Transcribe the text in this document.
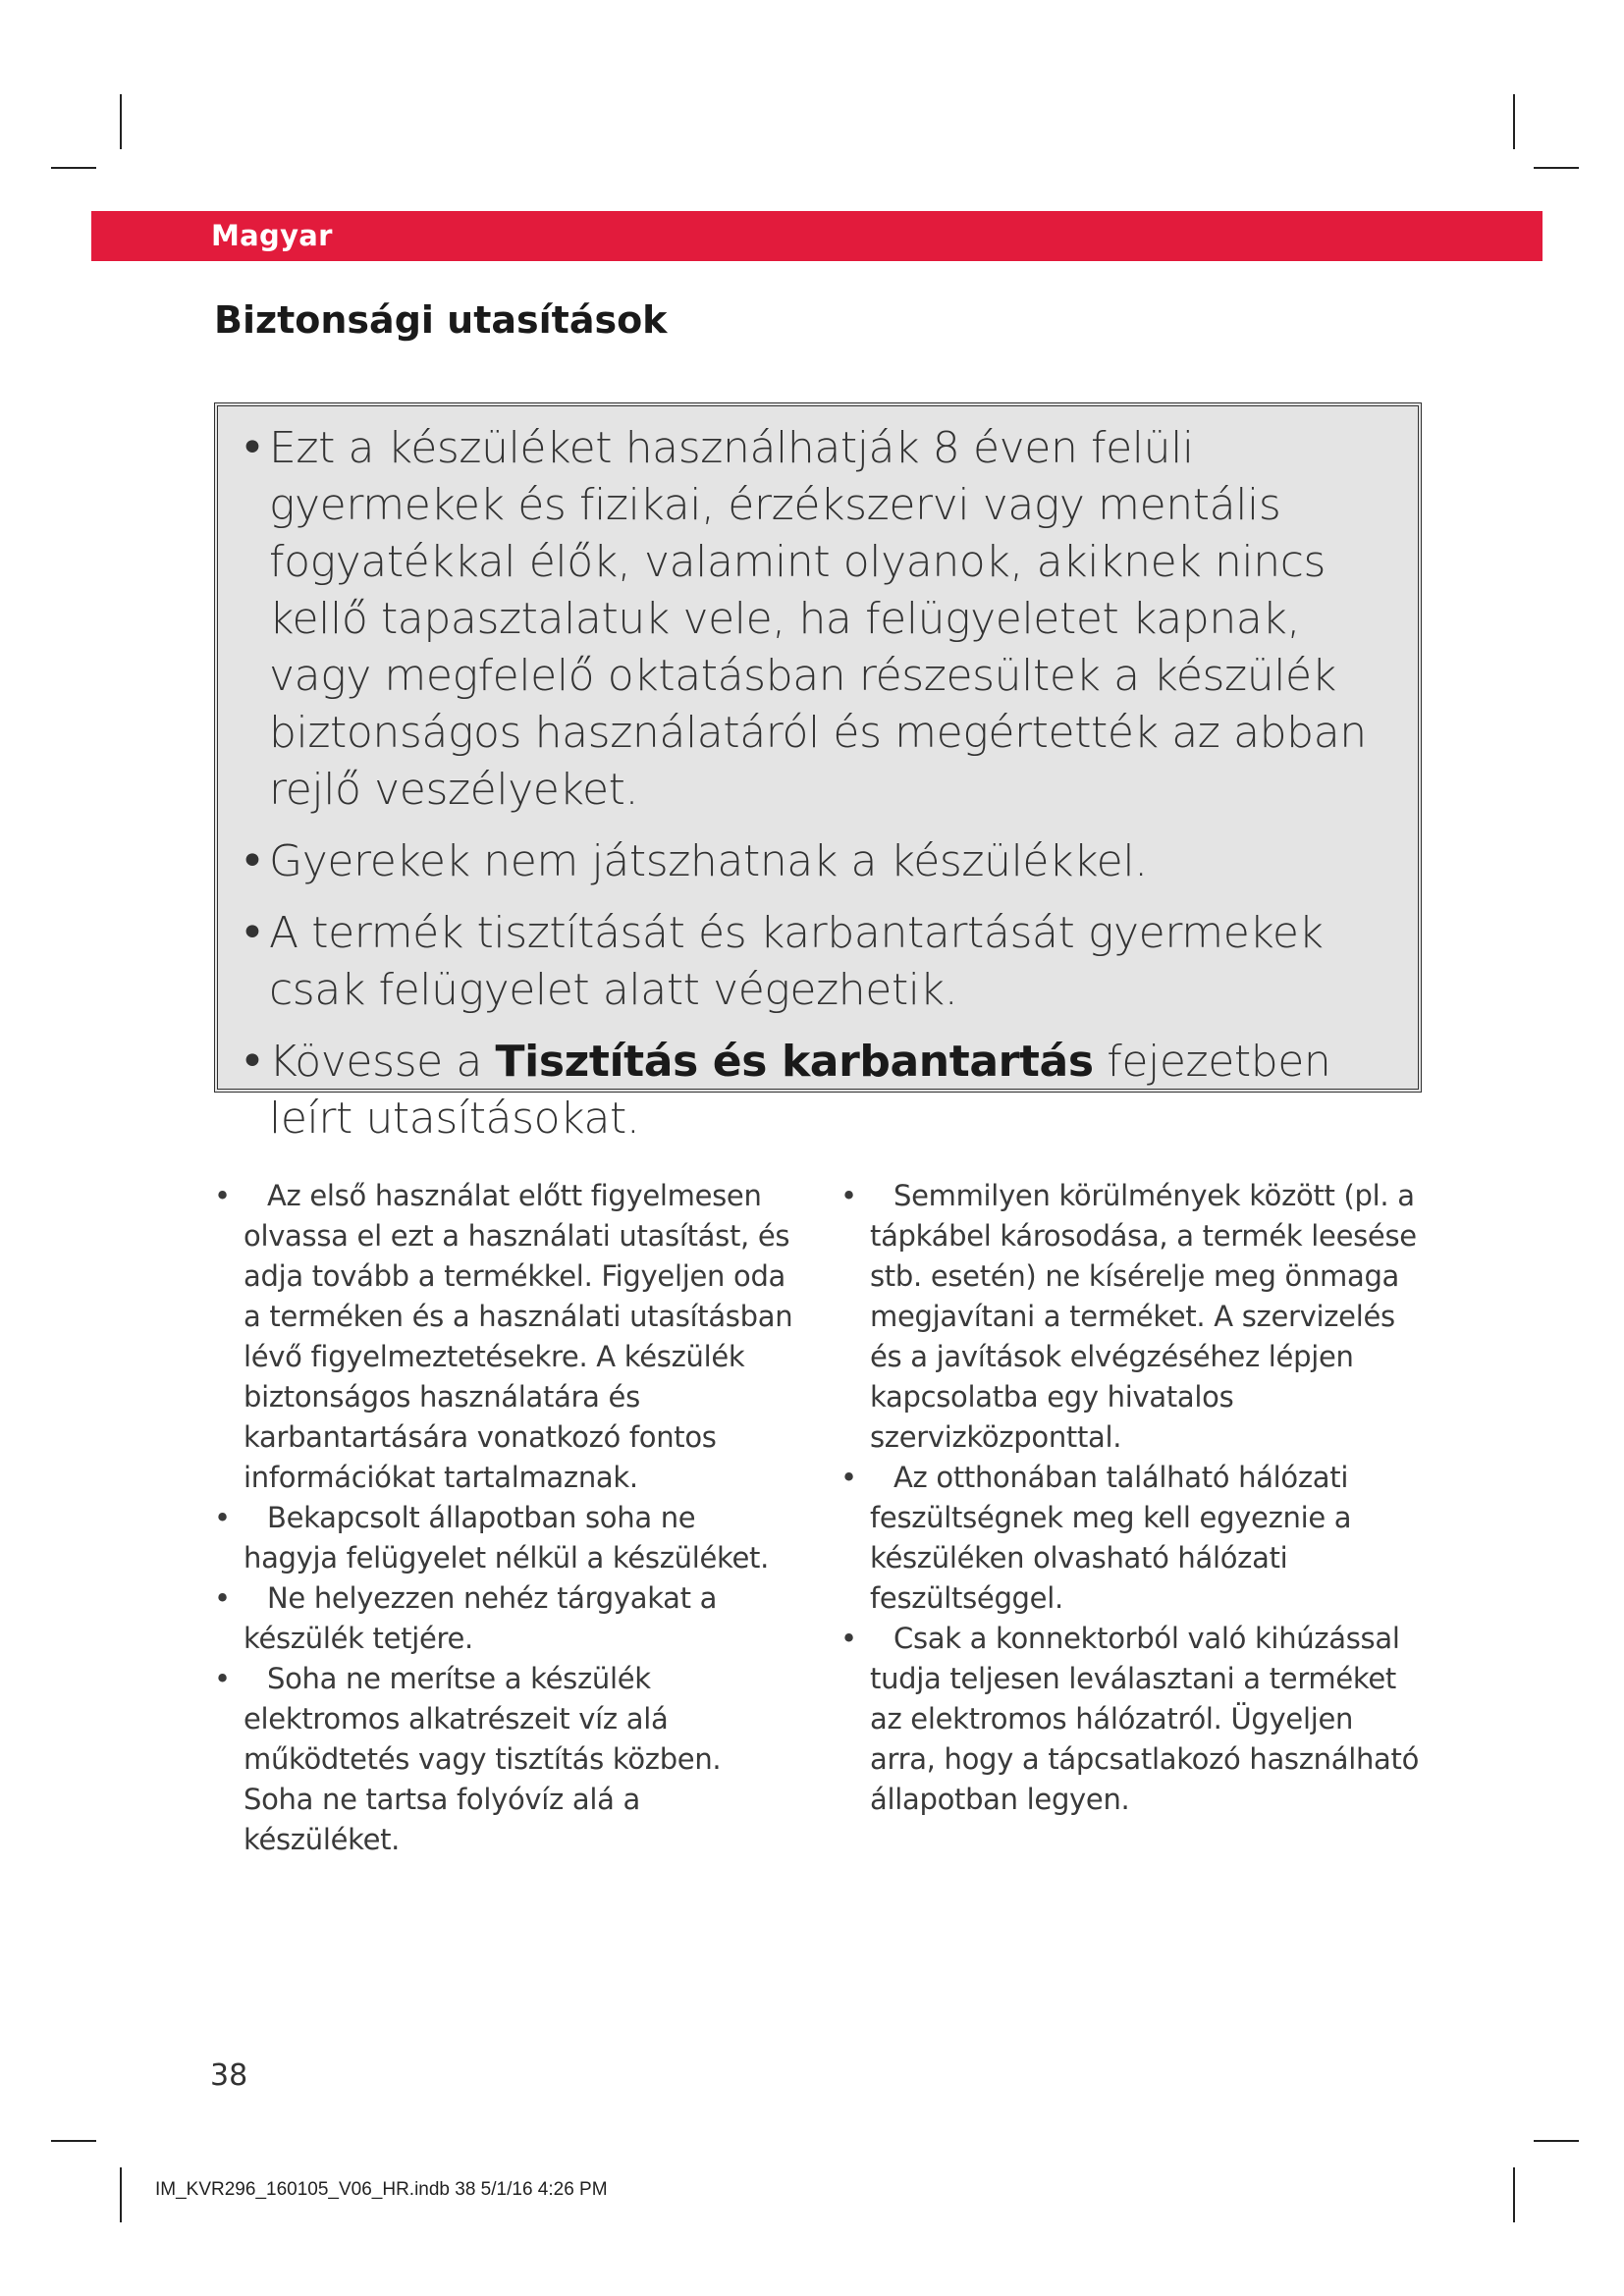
Magyar
Biztonsági utasítások
• Ezt a készüléket használhatják 8 éven felüli gyermekek és fizikai, érzékszervi vagy mentális fogyatékkal élők, valamint olyanok, akiknek nincs kellő tapasztalatuk vele, ha felügyeletet kapnak, vagy megfelelő oktatásban részesültek a készülék biztonságos használatáról és megértették az abban rejlő veszélyeket.
• Gyerekek nem játszhatnak a készülékkel.
• A termék tisztítását és karbantartását gyermekek csak felügyelet alatt végezhetik.
• Kövesse a Tisztítás és karbantartás fejezetben leírt utasításokat.
• Az első használat előtt figyelmesen olvassa el ezt a használati utasítást, és adja tovább a termékkel. Figyeljen oda a terméken és a használati utasításban lévő figyelmeztetésekre. A készülék biztonságos használatára és karbantartására vonatkozó fontos információkat tartalmaznak.
• Bekapcsolt állapotban soha ne hagyja felügyelet nélkül a készüléket.
• Ne helyezzen nehéz tárgyakat a készülék tetjére.
• Soha ne merítse a készülék elektromos alkatrészeit víz alá működtetés vagy tisztítás közben. Soha ne tartsa folyóvíz alá a készüléket.
• Semmilyen körülmények között (pl. a tápkábel károsodása, a termék leesése stb. esetén) ne kísérelje meg önmaga megjavítani a terméket. A szervizelés és a javítások elvégzéséhez lépjen kapcsolatba egy hivatalos szervizközponttal.
• Az otthonában található hálózati feszültségnek meg kell egyeznie a készüléken olvasható hálózati feszültséggel.
• Csak a konnektorból való kihúzással tudja teljesen leválasztani a terméket az elektromos hálózatról. Ügyeljen arra, hogy a tápcsatlakozó használható állapotban legyen.
38
IM_KVR296_160105_V06_HR.indb 38 5/1/16 4:26 PM
